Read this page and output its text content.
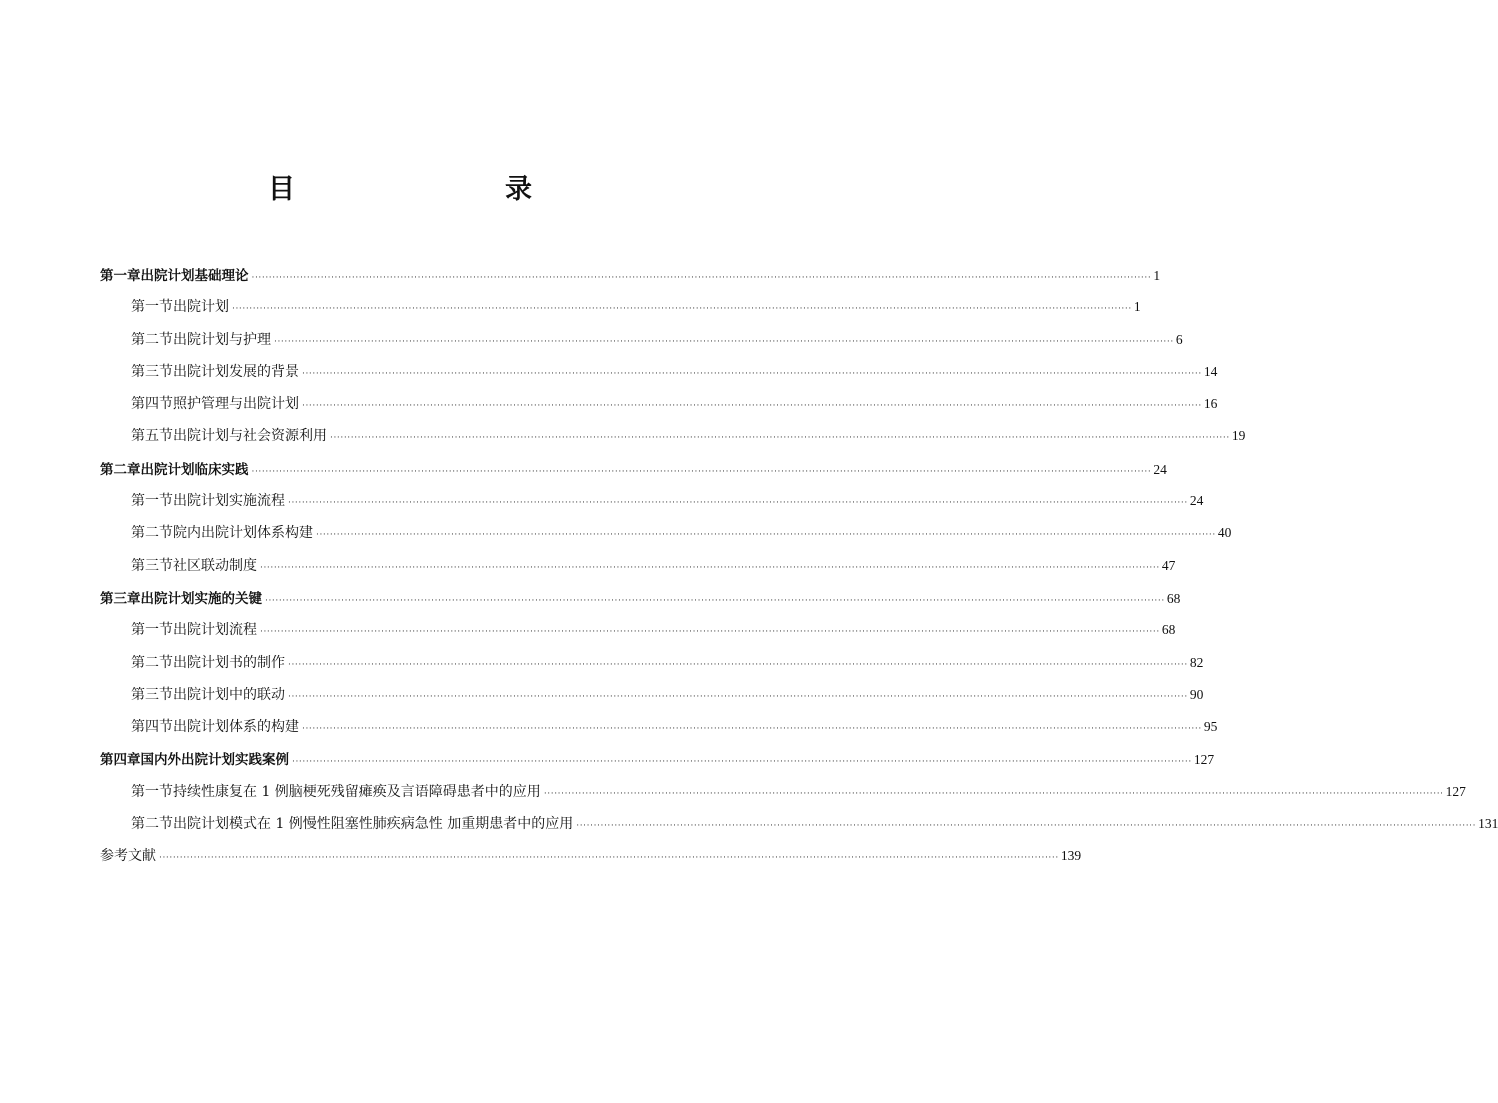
目　　录
第一章 出院计划基础理论 ···································································································································································································································································· 1
第一节 出院计划 ···································································································································································································································································· 1
第二节 出院计划与护理 ···································································································································································································································································· 6
第三节 出院计划发展的背景 ···································································································································································································································································· 14
第四节 照护管理与出院计划 ···································································································································································································································································· 16
第五节 出院计划与社会资源利用 ···································································································································································································································································· 19
第二章 出院计划临床实践 ···································································································································································································································································· 24
第一节 出院计划实施流程 ···································································································································································································································································· 24
第二节 院内出院计划体系构建 ···································································································································································································································································· 40
第三节 社区联动制度 ···································································································································································································································································· 47
第三章 出院计划实施的关键 ···································································································································································································································································· 68
第一节 出院计划流程 ···································································································································································································································································· 68
第二节 出院计划书的制作 ···································································································································································································································································· 82
第三节 出院计划中的联动 ···································································································································································································································································· 90
第四节 出院计划体系的构建 ···································································································································································································································································· 95
第四章 国内外出院计划实践案例 ···································································································································································································································································· 127
第一节 持续性康复在 1 例脑梗死残留瘫痪及言语障碍患者中的应用 ···································································································································································································································································· 127
第二节 出院计划模式在 1 例慢性阻塞性肺疾病急性 加重期患者中的应用 ···································································································································································································································································· 131
参考文献 ···································································································································································································································································· 139
